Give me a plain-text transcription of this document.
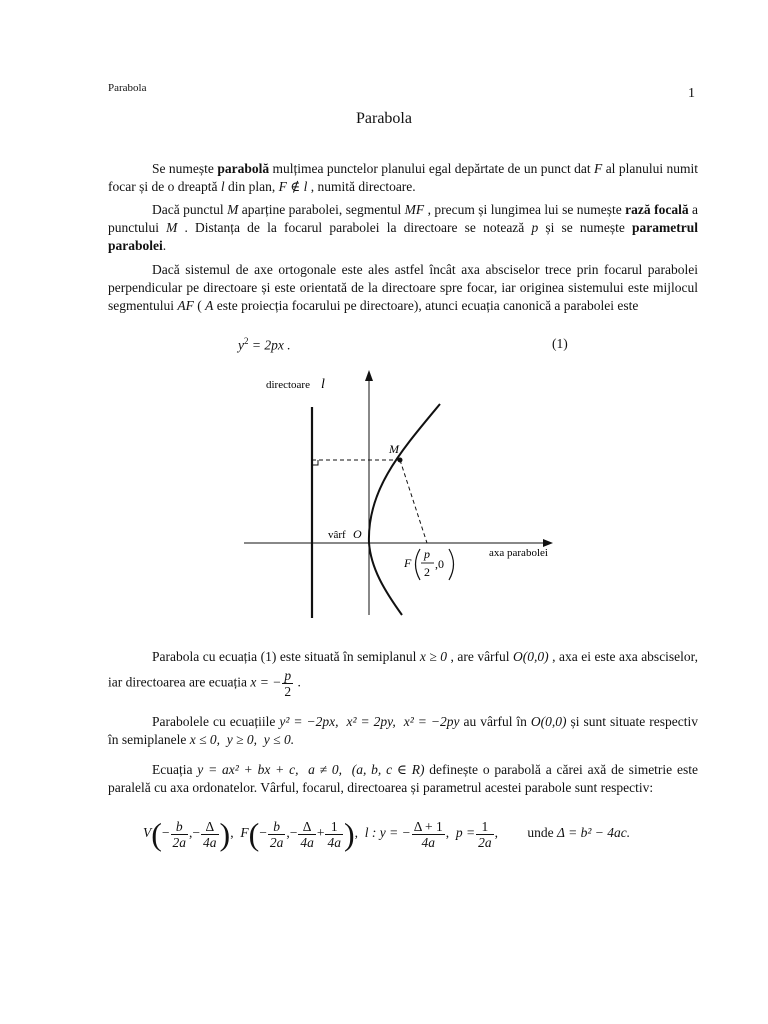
Parabola	1
Parabola

Se numește parabolă mulțimea punctelor planului egal depărtate de un punct dat F al planului numit focar și de o dreaptă l din plan, F ∉ l , numită directoare.

Dacă punctul M aparține parabolei, segmentul MF , precum și lungimea lui se numește rază focală a punctului M . Distanța de la focarul parabolei la directoare se notează p și se numește parametrul parabolei.

Dacă sistemul de axe ortogonale este ales astfel încât axa absciselor trece prin focarul parabolei perpendicular pe directoare și este orientată de la directoare spre focar, iar originea sistemului este mijlocul segmentului AF ( A este proiecția focarului pe directoare), atunci ecuația canonică a parabolei este

$y^2 = 2px$ .	(1)
directoare l
M
vârf O
F
p
2
,0
axa parabolei

Parabola cu ecuația (1) este situată în semiplanul x ≥ 0 , are vârful O(0,0) , axa ei este axa absciselor, iar directoarea are ecuația x = − $\frac{p}{2}$ .

Parabolele cu ecuațiile y² = −2px, x² = 2py, x² = −2py au vârful în O(0,0) și sunt situate respectiv în semiplanele x ≤ 0, y ≥ 0, y ≤ 0.

Ecuația y = ax² + bx + c, a ≠ 0, (a, b, c ∈ R) definește o parabolă a cărei axă de simetrie este paralelă cu axa ordonatelor. Vârful, focarul, directoarea și parametrul acestei parabole sunt respectiv:

$V(- \frac{b}{2a}$ ,− $\frac{\Delta}{4a}$ ), $F(- \frac{b}{2a}$ ,− $\frac{\Delta}{4a} + \frac{1}{4a}$ ), l : y = − $\frac{\Delta + 1}{4a}$ , $p = \frac{1}{2a}$ , unde Δ = b² − 4ac.
